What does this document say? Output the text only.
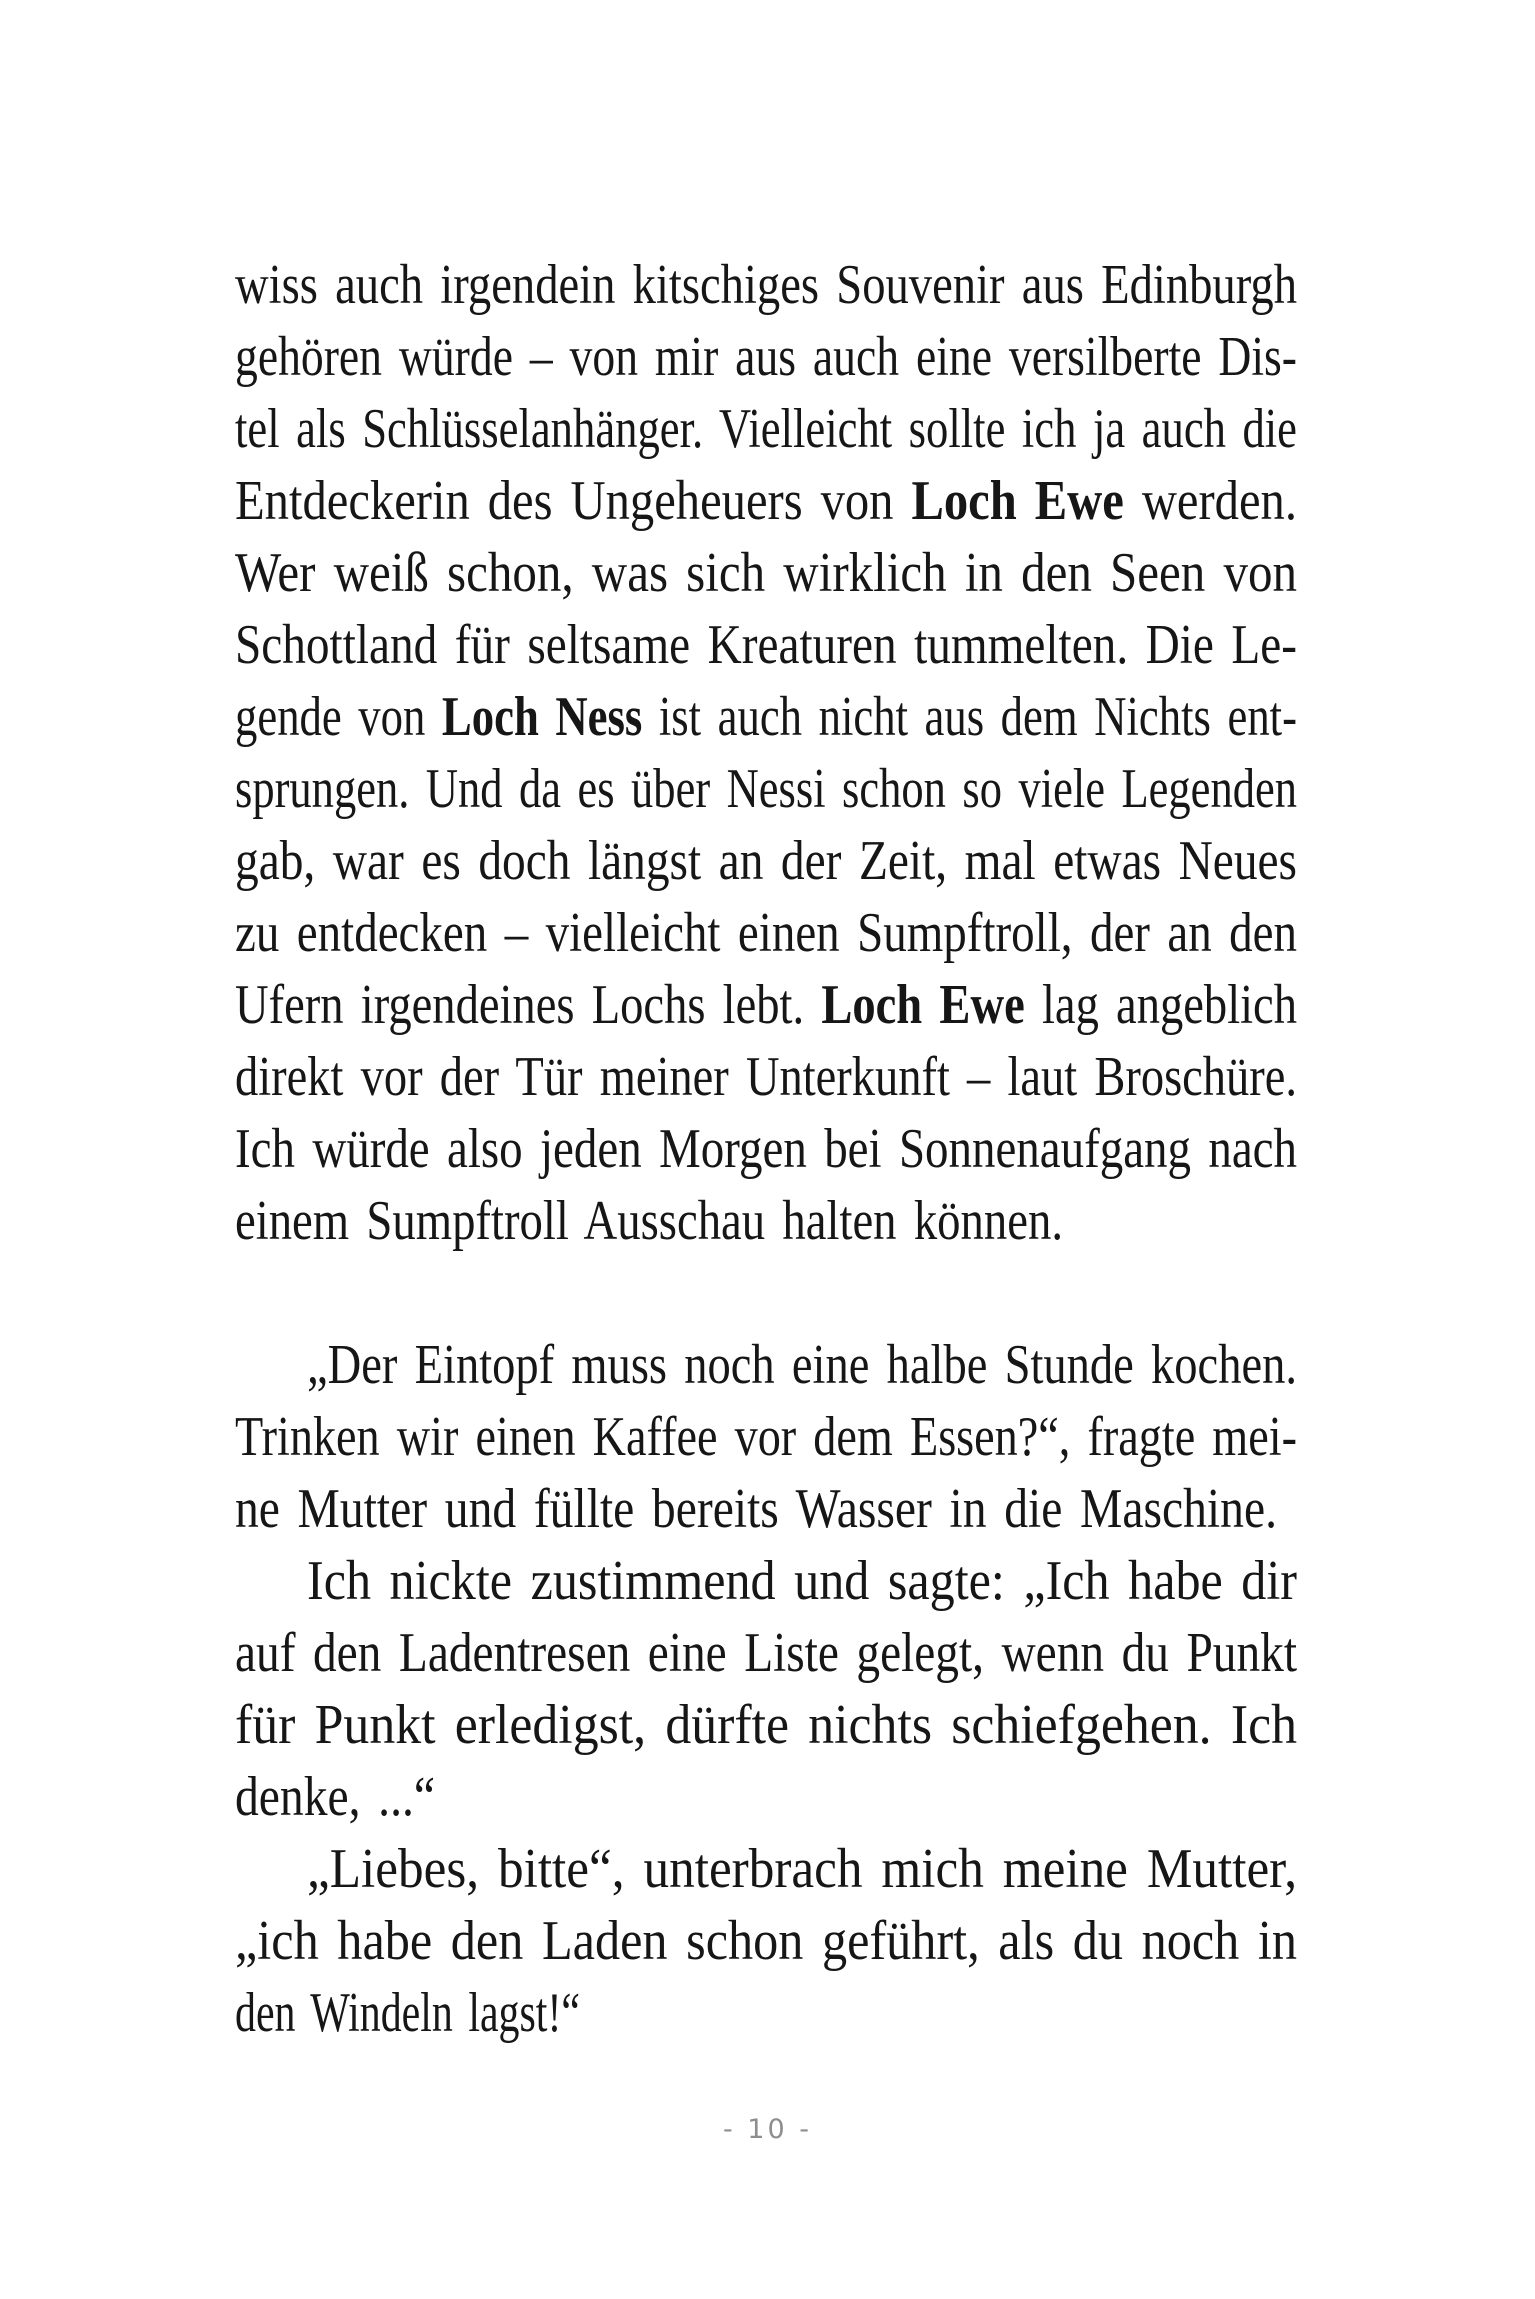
wiss auch irgendein kitschiges Souvenir aus Edinburgh
gehören würde – von mir aus auch eine versilberte Dis-
tel als Schlüsselanhänger. Vielleicht sollte ich ja auch die
Entdeckerin des Ungeheuers von Loch Ewe werden.
Wer weiß schon, was sich wirklich in den Seen von
Schottland für seltsame Kreaturen tummelten. Die Le-
gende von Loch Ness ist auch nicht aus dem Nichts ent-
sprungen. Und da es über Nessi schon so viele Legenden
gab, war es doch längst an der Zeit, mal etwas Neues
zu entdecken – vielleicht einen Sumpftroll, der an den
Ufern irgendeines Lochs lebt. Loch Ewe lag angeblich
direkt vor der Tür meiner Unterkunft – laut Broschüre.
Ich würde also jeden Morgen bei Sonnenaufgang nach
einem Sumpftroll Ausschau halten können.
„Der Eintopf muss noch eine halbe Stunde kochen.
Trinken wir einen Kaffee vor dem Essen?“, fragte mei-
ne Mutter und füllte bereits Wasser in die Maschine.
Ich nickte zustimmend und sagte: „Ich habe dir
auf den Ladentresen eine Liste gelegt, wenn du Punkt
für Punkt erledigst, dürfte nichts schiefgehen. Ich
denke, ...“
„Liebes, bitte“, unterbrach mich meine Mutter,
„ich habe den Laden schon geführt, als du noch in
den Windeln lagst!“
- 10 -
